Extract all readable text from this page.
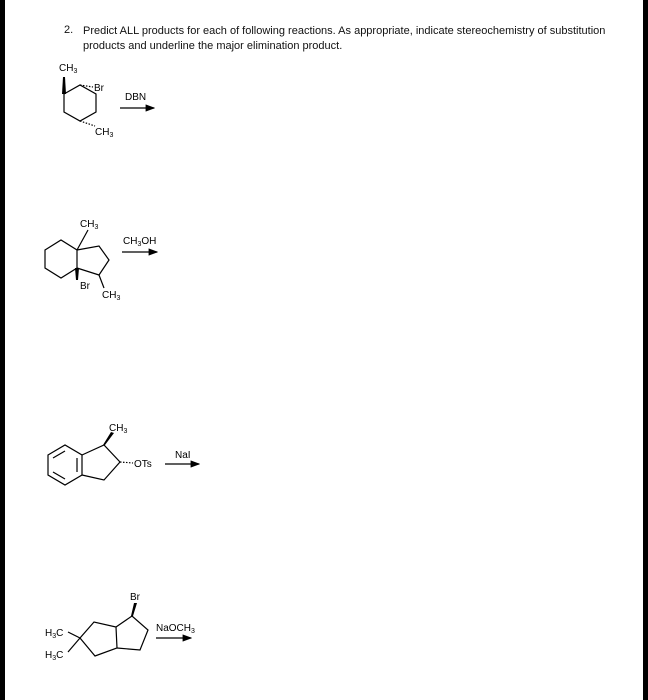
2. Predict ALL products for each of following reactions. As appropriate, indicate stereochemistry of substitution products and underline the major elimination product.
$CH_3$
Br
$CH_3$
DBN
$CH_3$
Br
$CH_3$
$CH_3OH$
$CH_3$
OTs
NaI
$H_3C$
$H_3C$
Br
NaOCH$_3$
